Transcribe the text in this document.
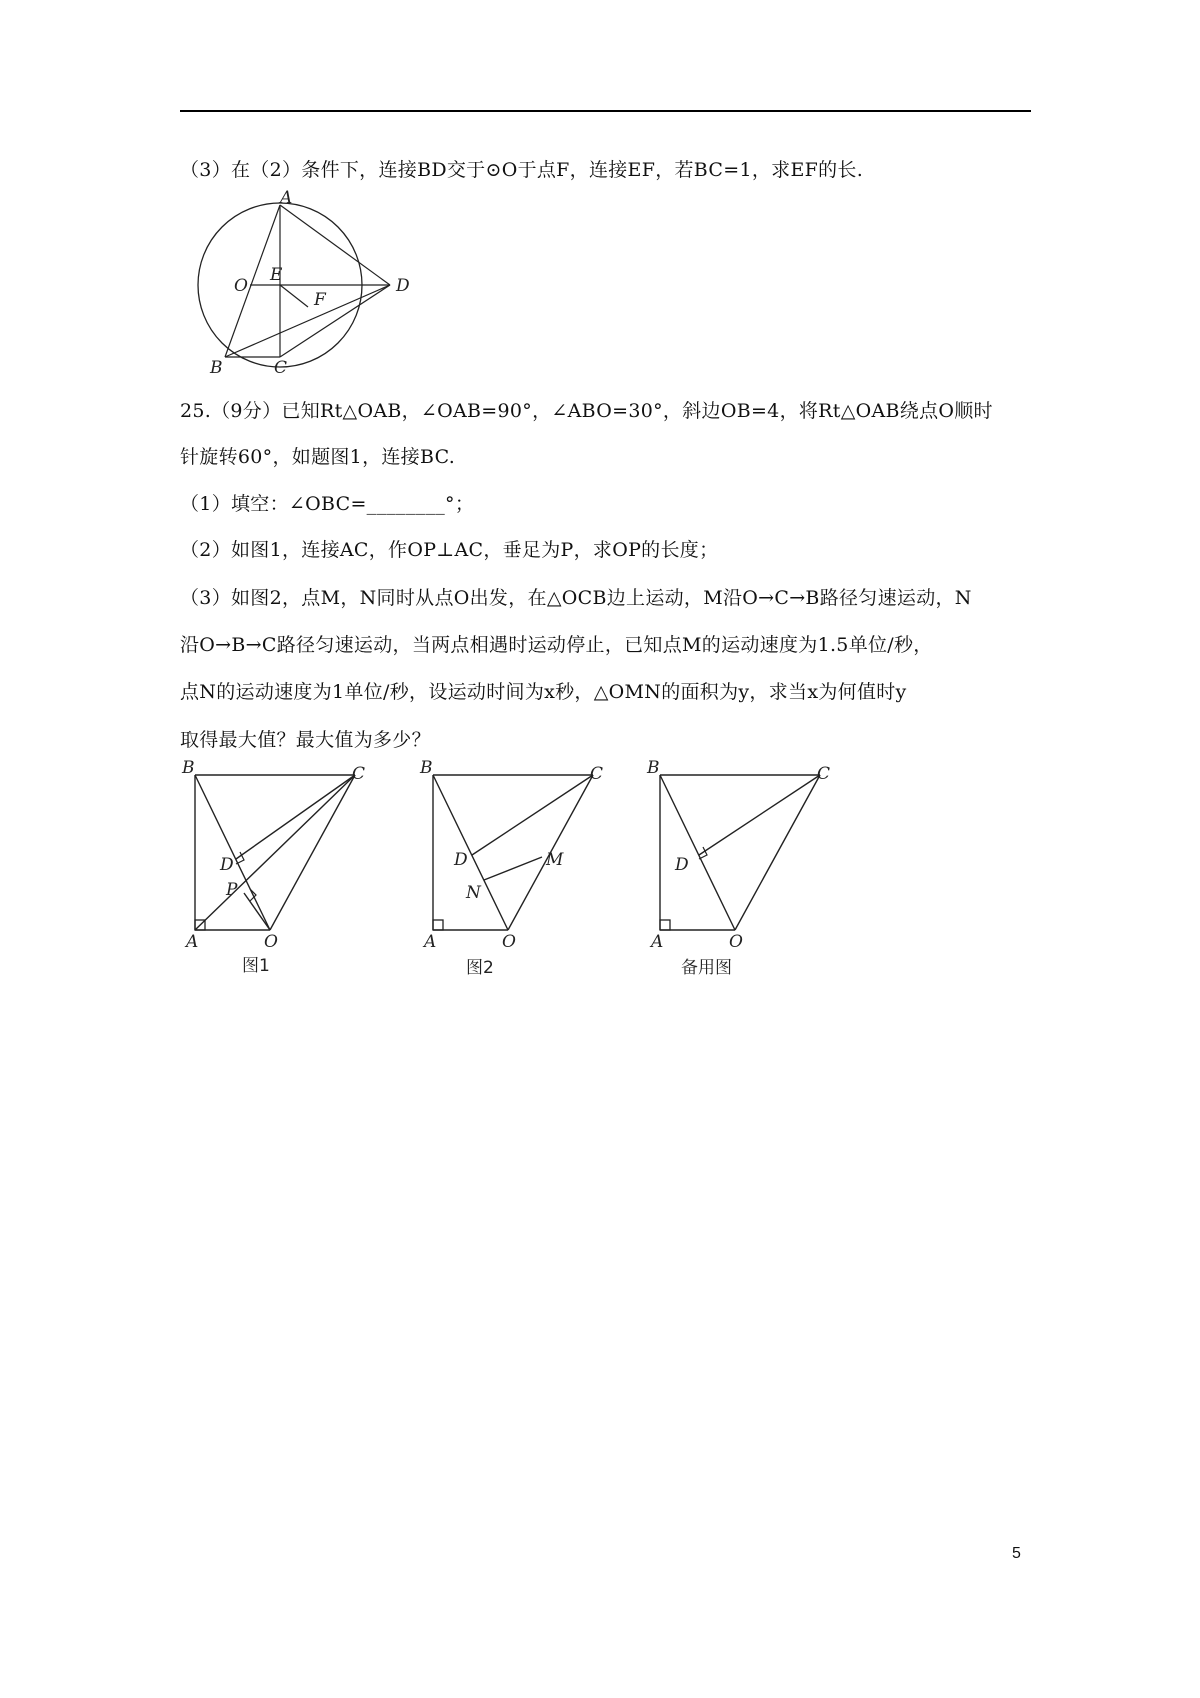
（3）在（2）条件下，连接BD交于⊙O于点F，连接EF，若BC=1，求EF的长.
A
O
E
F
D
B	C
25.（9分）已知Rt△OAB，∠OAB=90°，∠ABO=30°，斜边OB=4，将Rt△OAB绕点O顺时
针旋转60°，如题图1，连接BC.
（1）填空：∠OBC=________°；
（2）如图1，连接AC，作OP⊥AC，垂足为P，求OP的长度；
（3）如图2，点M，N同时从点O出发，在△OCB边上运动，M沿O→C→B路径匀速运动，N
沿O→B→C路径匀速运动，当两点相遇时运动停止，已知点M的运动速度为1.5单位/秒，
点N的运动速度为1单位/秒，设运动时间为x秒，△OMN的面积为y，求当x为何值时y
取得最大值？最大值为多少？
B	C
D
P
A	O
图1
B	C
D
N
M
A	O
图2
B	C
D
A	O
备用图
5
